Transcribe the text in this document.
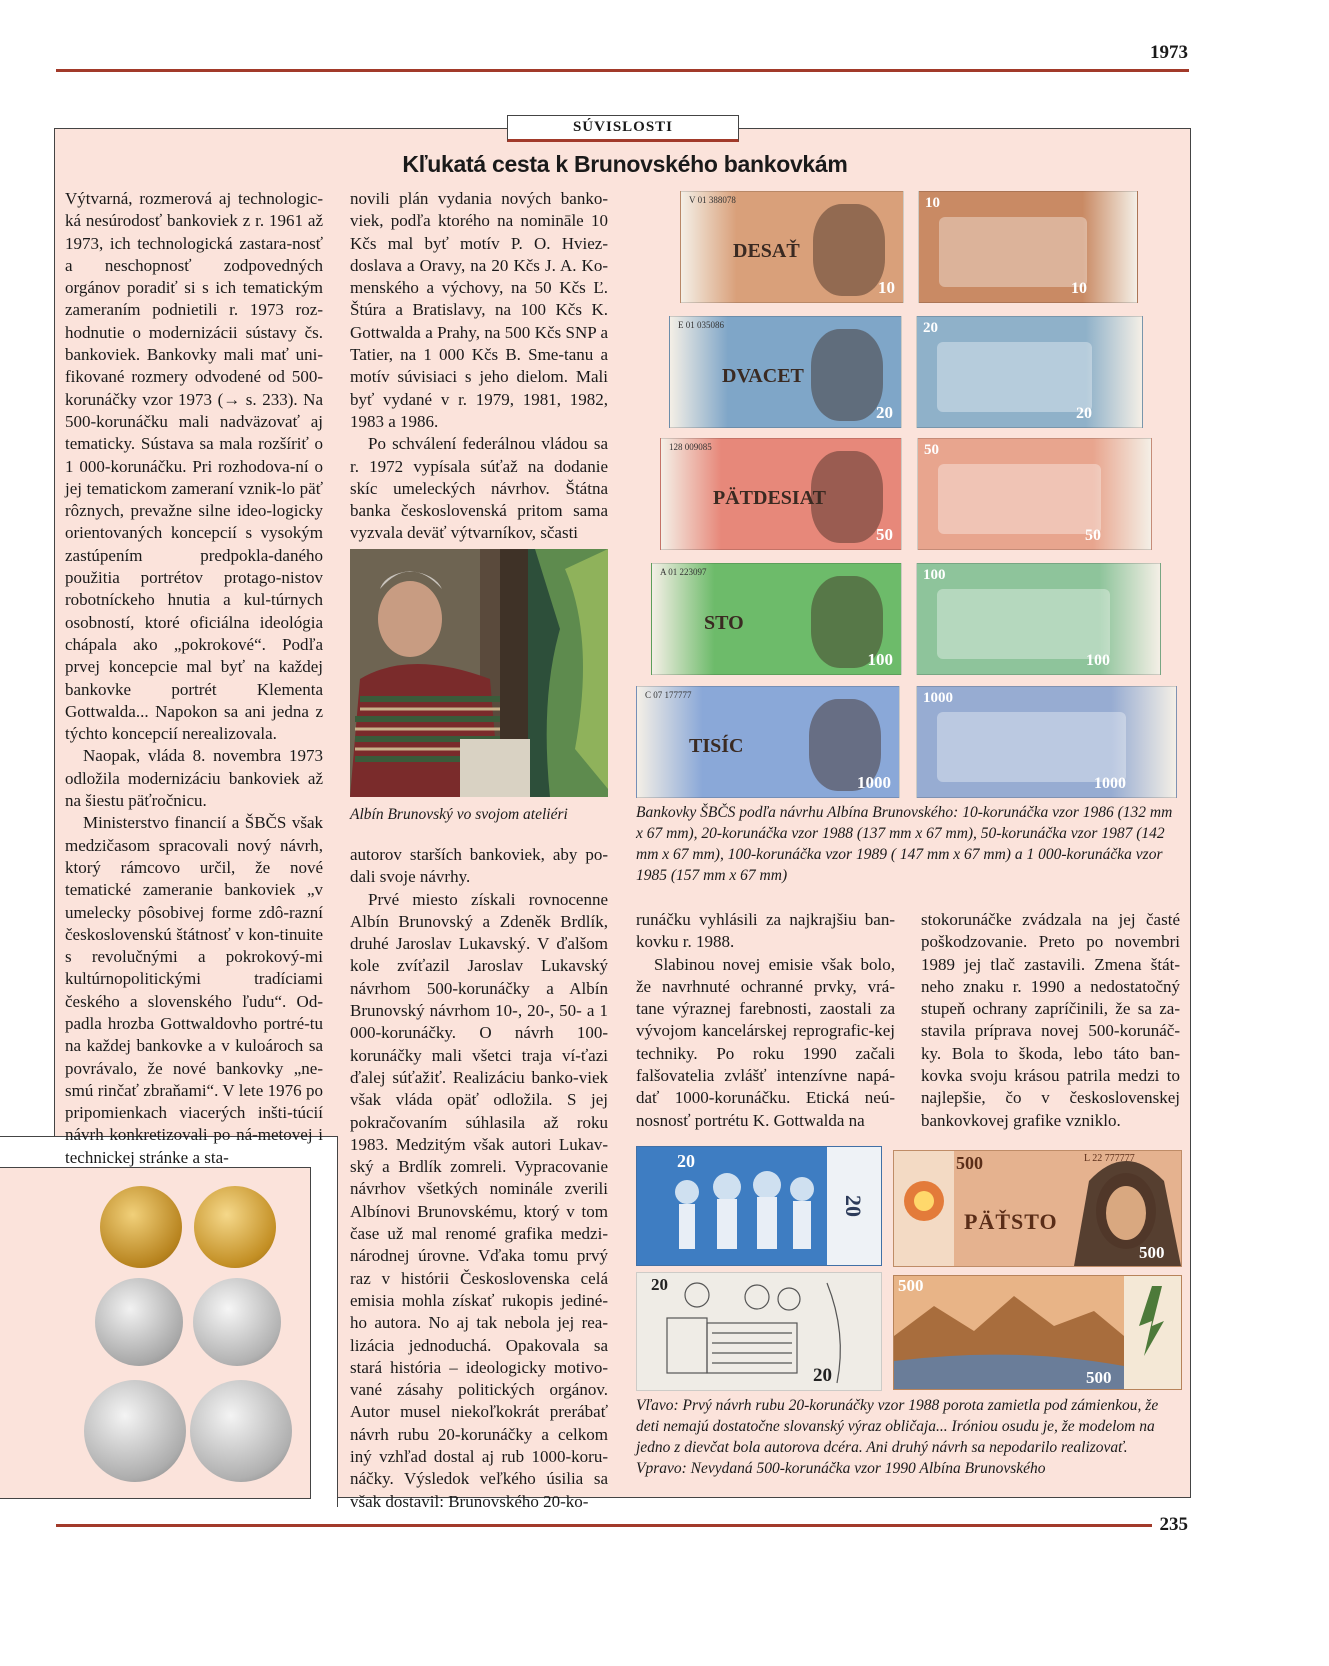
1973
SÚVISLOSTI
Kľukatá cesta k Brunovského bankovkám

Výtvarná, rozmerová aj technologic-ká nesúrodosť bankoviek z r. 1961 až 1973, ich technologická zastara-nosť a neschopnosť zodpovedných orgánov poradiť si s ich tematickým zameraním podnietili r. 1973 roz-hodnutie o modernizácii sústavy čs. bankoviek. Bankovky mali mať uni-fikované rozmery odvodené od 500-korunáčky vzor 1973 (→ s. 233). Na 500-korunáčku mali nadväzovať aj tematicky. Sústava sa mala rozšíriť o 1 000-korunáčku. Pri rozhodova-ní o jej tematickom zameraní vznik-lo päť rôznych, prevažne silne ideo-logicky orientovaných koncepcií s vysokým zastúpením predpokla-daného použitia portrétov protago-nistov robotníckeho hnutia a kul-túrnych osobností, ktoré oficiálna ideológia chápala ako „pokrokové“. Podľa prvej koncepcie mal byť na každej bankovke portrét Klementa Gottwalda... Napokon sa ani jedna z týchto koncepcií nerealizovala.

Naopak, vláda 8. novembra 1973 odložila modernizáciu bankoviek až na šiestu päťročnicu.

Ministerstvo financií a ŠBČS však medzičasom spracovali nový návrh, ktorý rámcovo určil, že nové tematické zameranie bankoviek „v umelecky pôsobivej forme zdô-razní československú štátnosť v kon-tinuite s revolučnými a pokrokový-mi kultúrnopolitickými tradíciami českého a slovenského ľudu“. Od-padla hrozba Gottwaldovho portré-tu na každej bankovke a v kuloároch sa povrávalo, že nové bankovky „ne-smú rinčať zbraňami“. V lete 1976 po pripomienkach viacerých inšti-túcií návrh konkretizovali po ná-metovej i technickej stránke a sta-

novili plán vydania nových banko-viek, podľa ktorého na nomināle 10 Kčs mal byť motív P. O. Hviez-doslava a Oravy, na 20 Kčs J. A. Ko-menského a výchovy, na 50 Kčs Ľ. Štúra a Bratislavy, na 100 Kčs K. Gottwalda a Prahy, na 500 Kčs SNP a Tatier, na 1 000 Kčs B. Sme-tanu a motív súvisiaci s jeho dielom. Mali byť vydané v r. 1979, 1981, 1982, 1983 a 1986.

Po schválení federálnou vládou sa r. 1972 vypísala súťaž na dodanie skíc umeleckých návrhov. Štátna banka československá pritom sama vyzvala deväť výtvarníkov, sčasti

Albín Brunovský vo svojom ateliéri

autorov starších bankoviek, aby po-dali svoje návrhy.

Prvé miesto získali rovnocenne Albín Brunovský a Zdeněk Brdlík, druhé Jaroslav Lukavský. V ďalšom kole zvíťazil Jaroslav Lukavský návrhom 500-korunáčky a Albín Brunovský návrhom 10-, 20-, 50- a 1 000-korunáčky. O návrh 100-korunáčky mali všetci traja ví-ťazi ďalej súťažiť. Realizáciu banko-viek však vláda opäť odložila. S jej pokračovaním súhlasila až roku 1983. Medzitým však autori Lukav-ský a Brdlík zomreli. Vypracovanie návrhov všetkých nominále zverili Albínovi Brunovskému, ktorý v tom čase už mal renomé grafika medzi-národnej úrovne. Vďaka tomu prvý raz v histórii Československa celá emisia mohla získať rukopis jediné-ho autora. No aj tak nebola jej rea-lizácia jednoduchá. Opakovala sa stará história – ideologicky motivo-vané zásahy politických orgánov. Autor musel niekoľkokrát prerábať návrh rubu 20-korunáčky a celkom iný vzhľad dostal aj rub 1000-koru-náčky. Výsledok veľkého úsilia sa však dostavil: Brunovského 20-ko-

DESAŤ
10
V 01 388078	10
10
DVACET
20
E 01 035086	20
20
PÄTDESIAT
50
128 009085	50
50
STO
100
A 01 223097	100
100
TISÍC
1000
C 07 177777	1000
1000
Bankovky ŠBČS podľa návrhu Albína Brunovského: 10-korunáčka vzor 1986 (132 mm x 67 mm), 20-korunáčka vzor 1988 (137 mm x 67 mm), 50-korunáčka vzor 1987 (142 mm x 67 mm), 100-korunáčka vzor 1989 ( 147 mm x 67 mm) a 1 000-korunáčka vzor 1985 (157 mm x 67 mm)

runáčku vyhlásili za najkrajšiu ban-kovku r. 1988.

Slabinou novej emisie však bolo, že navrhnuté ochranné prvky, vrá-tane výraznej farebnosti, zaostali za vývojom kancelárskej reprografic-kej techniky. Po roku 1990 začali falšovatelia zvlášť intenzívne napá-dať 1000-korunáčku. Etická neú-nosnosť portrétu K. Gottwalda na

stokorunáčke zvádzala na jej časté poškodzovanie. Preto po novembri 1989 jej tlač zastavili. Zmena štát-neho znaku r. 1990 a nedostatočný stupeň ochrany zapríčinili, že sa za-stavila príprava novej 500-korunáč-ky. Bola to škoda, lebo táto ban-kovka svoju krásou patrila medzi to najlepšie, čo v československej bankovkovej grafike vzniklo.

20
20
PÄŤSTO
500
500
L 22 777777
20
20
500
500
Vľavo: Prvý návrh rubu 20-korunáčky vzor 1988 porota zamietla pod zámienkou, že deti nemajú dostatočne slovanský výraz obličaja... Iróniou osudu je, že modelom na jedno z dievčat bola autorova dcéra. Ani druhý návrh sa nepodarilo realizovať. Vpravo: Nevydaná 500-korunáčka vzor 1990 Albína Brunovského
235
